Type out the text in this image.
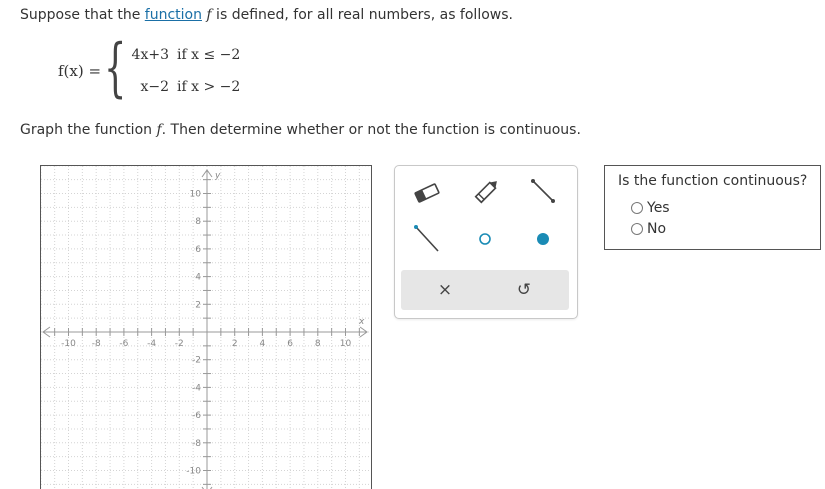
Suppose that the function f is defined, for all real numbers, as follows.
f(x) = { 4x+3 if x ≤ −2
x−2 if x > −2
Graph the function f. Then determine whether or not the function is continuous.
-10 -8 -6 -4 -2	2 4 6 8 10
10
8
6
4
2
-2
-4
-6
-8
-10
x
y
×	↺
Is the function continuous?
Yes
No
